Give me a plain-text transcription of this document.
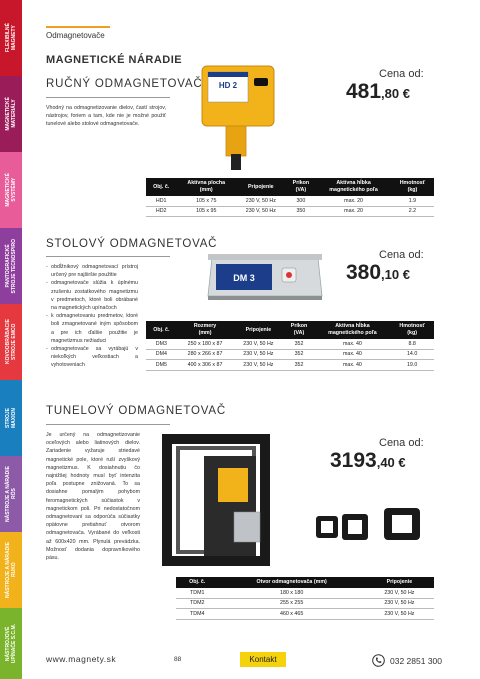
FLEXIBILNÉ
MAGNETY
MAGNETICKÉ
MATERIÁLY
MAGNETICKÉ
SYSTÉMY
PANTOGRAFICKÉ
STROJE TECNOSPIRO
KOVOOBRÁBACIE
STROJE EMCO
STROJE
MAXION
NÁSTROJE A NÁRADIE
RÖS
NÁSTROJE A NÁRADIE
RUKO
NÁSTROJOVÉ
UPÍNAČE S.C.M.
Odmagnetovače
MAGNETICKÉ NÁRADIE
RUČNÝ ODMAGNETOVAČ
Vhodný na odmagnetizovanie dielov, častí strojov, nástrojov, foriem a tam, kde nie je možné použiť tunelové alebo stolové odmagnetovače.
HD 2
Cena od:
481,80 €
Obj. č.	Aktívna plocha
(mm)	Pripojenie	Príkon
(VA)	Aktívna hĺbka
magnetického poľa	Hmotnosť
(kg)
HD1	105 x 75	230 V, 50 Hz	300	max. 20	1.9
HD2	105 x 95	230 V, 50 Hz	350	max. 20	2.2
STOLOVÝ ODMAGNETOVAČ
- obdĺžnikový odmagnetovací prístroj určený pre najširšie použitie
- odmagnetovače slúžia k úplnému zrušeniu zostatkového magnetizmu v predmetoch, ktoré boli obrábané na magnetických upínačoch
- k odmagnetovaniu predmetov, ktoré boli zmagnetované iným spôsobom a pre ich ďalšie použitie je magnetizmus nežiaduci
- odmagnetovače sa vyrábajú v niekoľkých veľkostiach a vyhotoveniach
DM 3
Cena od:
380,10 €
Obj. č.	Rozmery
(mm)	Pripojenie	Príkon
(VA)	Aktívna hĺbka
magnetického poľa	Hmotnosť
(kg)
DM3	250 x 180 x 87	230 V, 50 Hz	352	max. 40	8.8
DM4	280 x 266 x 87	230 V, 50 Hz	352	max. 40	14.0
DM5	400 x 306 x 87	230 V, 50 Hz	352	max. 40	19.0
TUNELOVÝ ODMAGNETOVAČ
Je určený na odmagnetizovanie oceľových alebo liatinových dielov. Zariadenie vyžaruje striedavé magnetické pole, ktoré ruší zvyškový magnetizmus. K dosiahnutiu čo najnižšej hodnoty musí byť intenzita poľa postupne znižovaná. To sa dosiahne pomalým pohybom feromagnetických súčiastok v magnetickom poli. Pri nedostatočnom odmagnetovaní sa odporúča súčiastky opätovne pretiahnuť otvorom odmagnetovača. Vyrábané do veľkosti až 600x420 mm. Plynulá prevádzka. Možnosť dodania dopravníkového pásu.
Cena od:
3193,40 €
Obj. č.	Otvor odmagnetovača (mm)	Pripojenie
TDM1	180 x 180	230 V, 50 Hz
TDM2	255 x 255	230 V, 50 Hz
TDM4	460 x 465	230 V, 50 Hz
www.magnety.sk	88	Kontakt	032 2851 300
